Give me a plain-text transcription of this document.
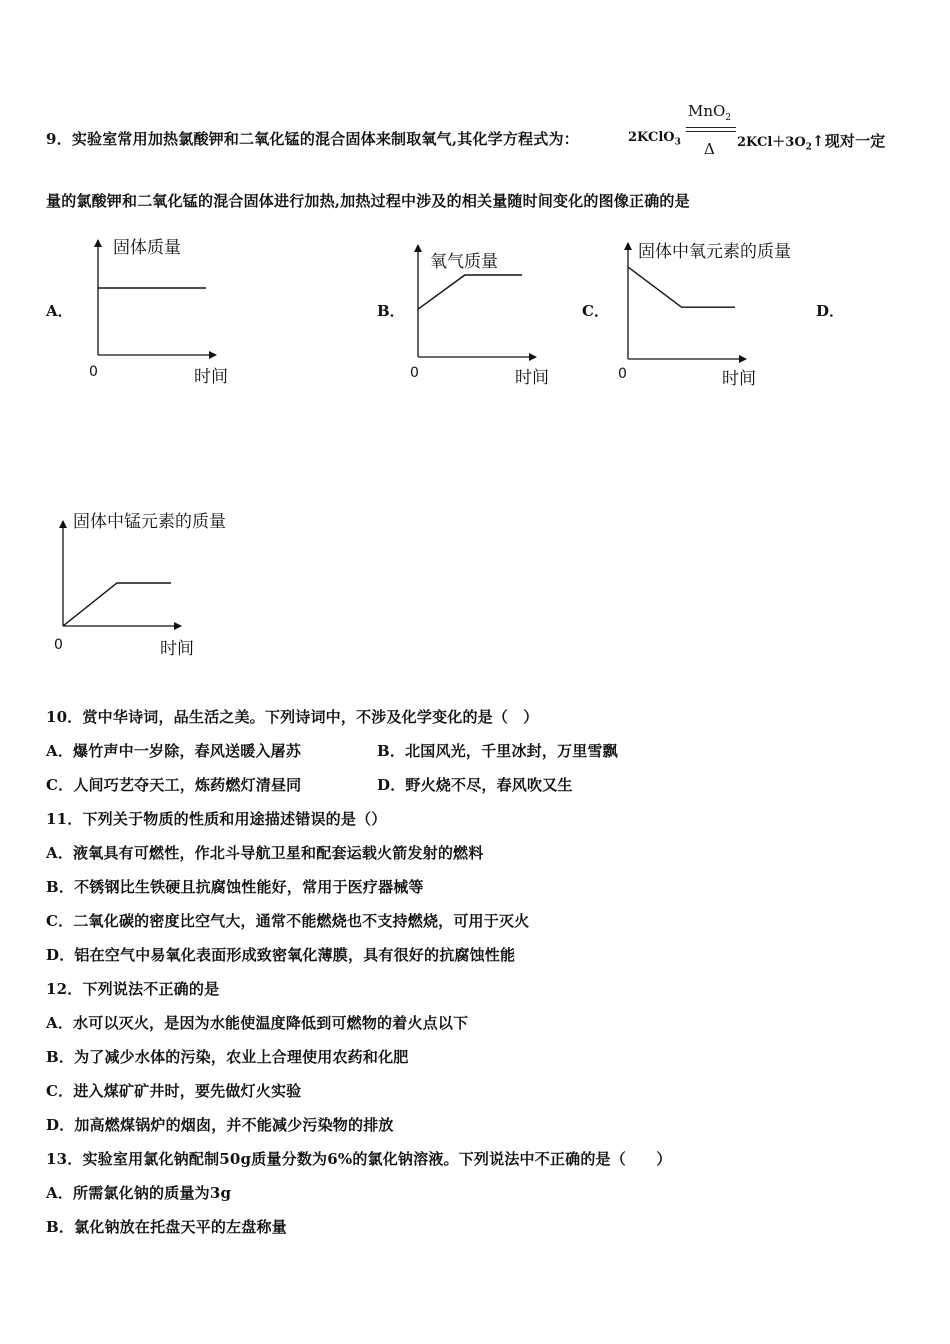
9．实验室常用加热氯酸钾和二氧化锰的混合固体来制取氧气,其化学方程式为：	2KClO$_3$
MnO$_2$
Δ $2KCl+3O_2↑$现对一定
量的氯酸钾和二氧化锰的混合固体进行加热,加热过程中涉及的相关量随时间变化的图像正确的是
A．	B．	C．	D．
固体质量
0	时间
氧气质量
0	时间
固体中氧元素的质量
0	时间
固体中锰元素的质量
0	时间
10．赏中华诗词，品生活之美。下列诗词中，不涉及化学变化的是（　）
A．爆竹声中一岁除，春风送暖入屠苏	B．北国风光，千里冰封，万里雪飘
C．人间巧艺夺天工，炼药燃灯清昼同	D．野火烧不尽，春风吹又生
11．下列关于物质的性质和用途描述错误的是（）
A．液氧具有可燃性，作北斗导航卫星和配套运载火箭发射的燃料
B．不锈钢比生铁硬且抗腐蚀性能好，常用于医疗器械等
C．二氧化碳的密度比空气大，通常不能燃烧也不支持燃烧，可用于灭火
D．铝在空气中易氧化表面形成致密氧化薄膜，具有很好的抗腐蚀性能
12．下列说法不正确的是
A．水可以灭火，是因为水能使温度降低到可燃物的着火点以下
B．为了减少水体的污染，农业上合理使用农药和化肥
C．进入煤矿矿井时，要先做灯火实验
D．加高燃煤锅炉的烟囱，并不能减少污染物的排放
13．实验室用氯化钠配制50g质量分数为6%的氯化钠溶液。下列说法中不正确的是（　　）
A．所需氯化钠的质量为3g
B．氯化钠放在托盘天平的左盘称量
